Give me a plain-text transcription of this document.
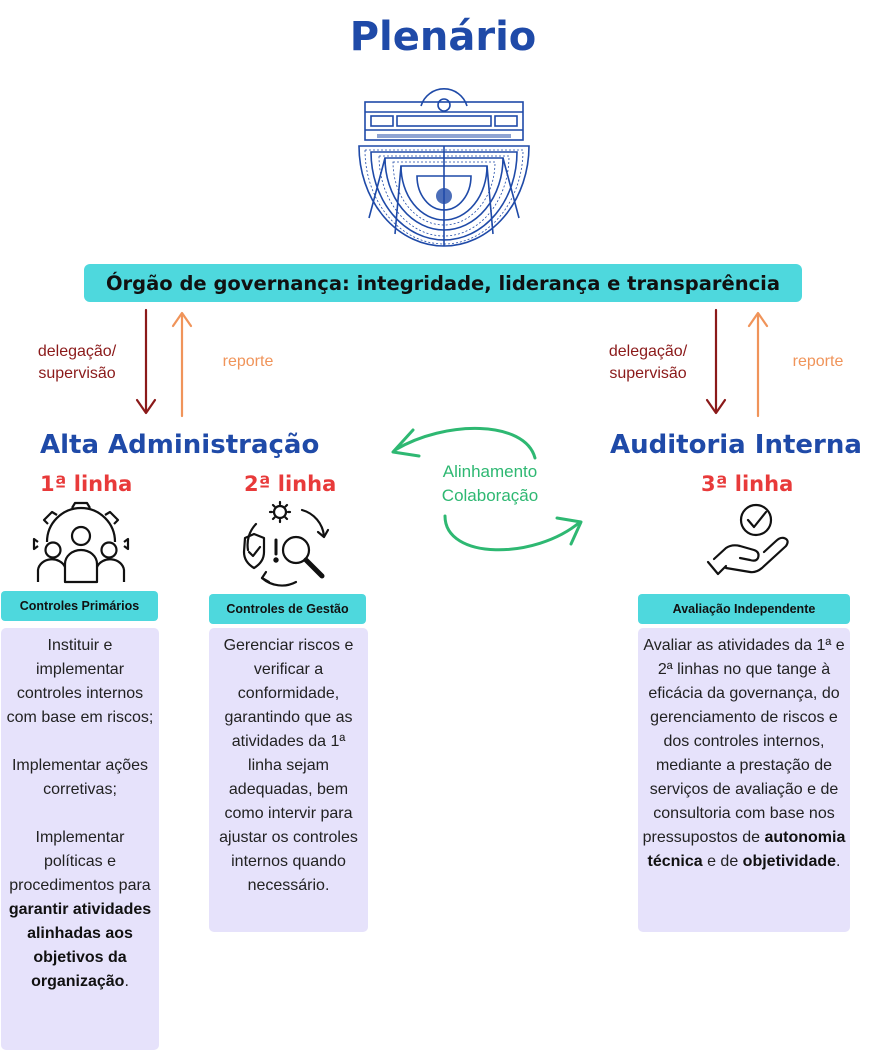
Plenário
Órgão de governança: integridade, liderança e transparência
delegação/
supervisão
reporte
delegação/
supervisão
reporte
Alta Administração	Auditoria Interna
1ª linha	2ª linha	3ª linha
Alinhamento
Colaboração
Controles Primários	Controles de Gestão	Avaliação Independente

Instituir e implementar controles internos com base em riscos;

Implementar ações corretivas;

Implementar políticas e procedimentos para garantir atividades alinhadas aos objetivos da organização.

Gerenciar riscos e verificar a conformidade, garantindo que as atividades da 1ª linha sejam adequadas, bem como intervir para ajustar os controles internos quando necessário.

Avaliar as atividades da 1ª e 2ª linhas no que tange à eficácia da governança, do gerenciamento de riscos e dos controles internos, mediante a prestação de serviços de avaliação e de consultoria com base nos pressupostos de autonomia técnica e de objetividade.
